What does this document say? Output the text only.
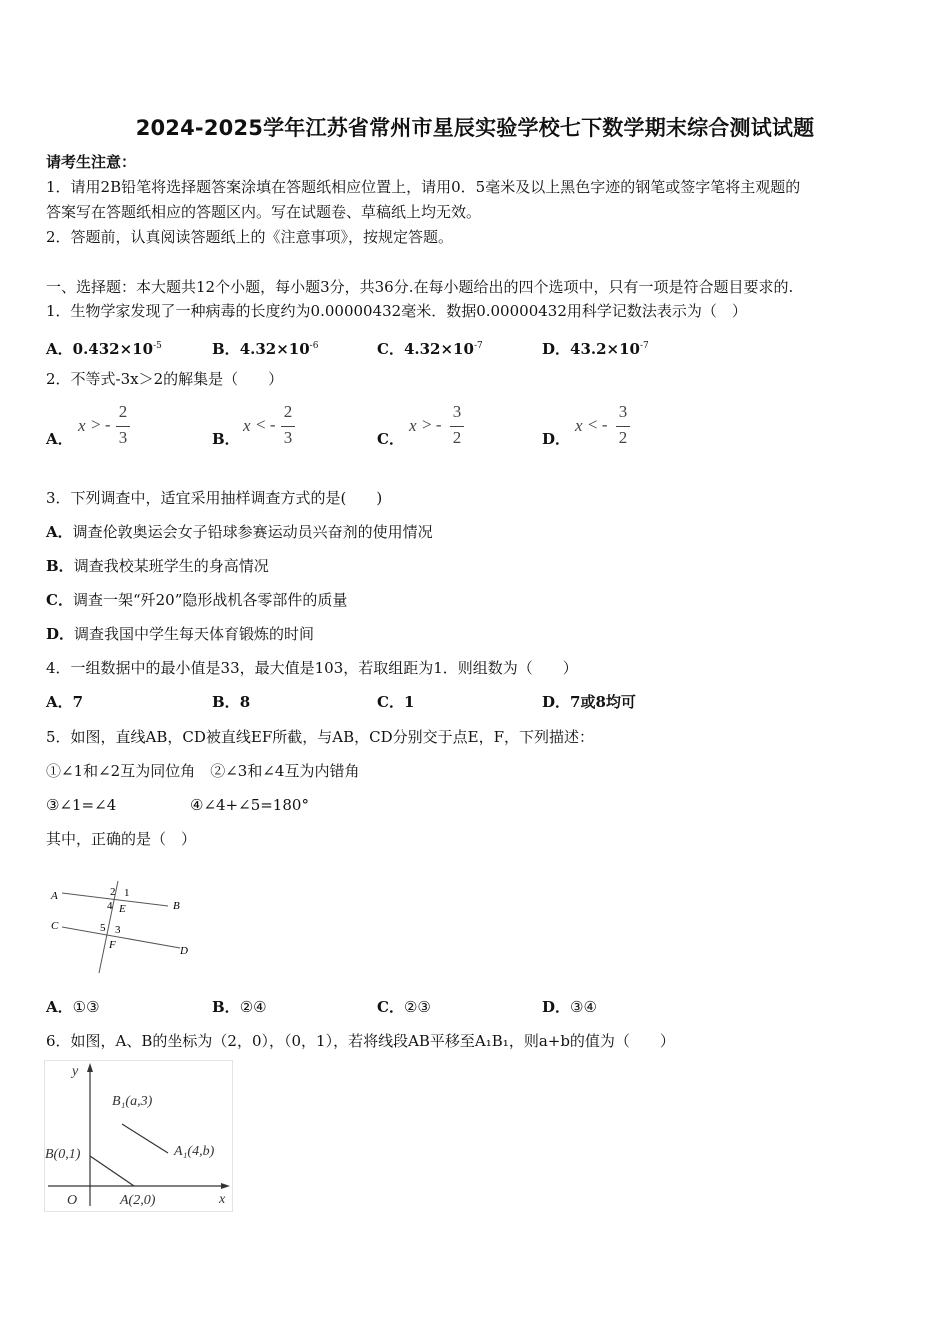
2024-2025学年江苏省常州市星辰实验学校七下数学期末综合测试试题
请考生注意：
1．请用2B铅笔将选择题答案涂填在答题纸相应位置上，请用0．5毫米及以上黑色字迹的钢笔或签字笔将主观题的
答案写在答题纸相应的答题区内。写在试题卷、草稿纸上均无效。
2．答题前，认真阅读答题纸上的《注意事项》，按规定答题。
一、选择题：本大题共12个小题，每小题3分，共36分.在每小题给出的四个选项中，只有一项是符合题目要求的.
1．生物学家发现了一种病毒的长度约为0.00000432毫米．数据0.00000432用科学记数法表示为（　）
A．$0.432\times 10^{-5}$	B．$4.32\times 10^{-6}$	C．$4.32\times 10^{-7}$	D．$43.2\times 10^{-7}$
2．不等式-3x＞2的解集是（　　）
A．
x > -
2
3	B．
x < -
2
3	C．
x > -
3
2	D．
x < -
3
2
3．下列调查中，适宜采用抽样调查方式的是(　　)
A．调查伦敦奥运会女子铅球参赛运动员兴奋剂的使用情况
B．调查我校某班学生的身高情况
C．调查一架“歼20”隐形战机各零部件的质量
D．调查我国中学生每天体育锻炼的时间
4．一组数据中的最小值是33，最大值是103，若取组距为1．则组数为（　　）
A．7	B．8	C．1	D．7或8均可
5．如图，直线AB，CD被直线EF所截，与AB，CD分别交于点E，F，下列描述：
①∠1和∠2互为同位角　②∠3和∠4互为内错角
③∠1=∠4	④∠4+∠5=180°
其中，正确的是（　）
A
B
C
D
E
F
2 1
4
5 3
A．①③	B．②④	C．②③	D．③④
6．如图，A、B的坐标为（2，0），（0，1），若将线段AB平移至A₁B₁，则a+b的值为（　　）
y
x
O
B(0,1)
A(2,0)
B₁(a,3)
A₁(4,b)
